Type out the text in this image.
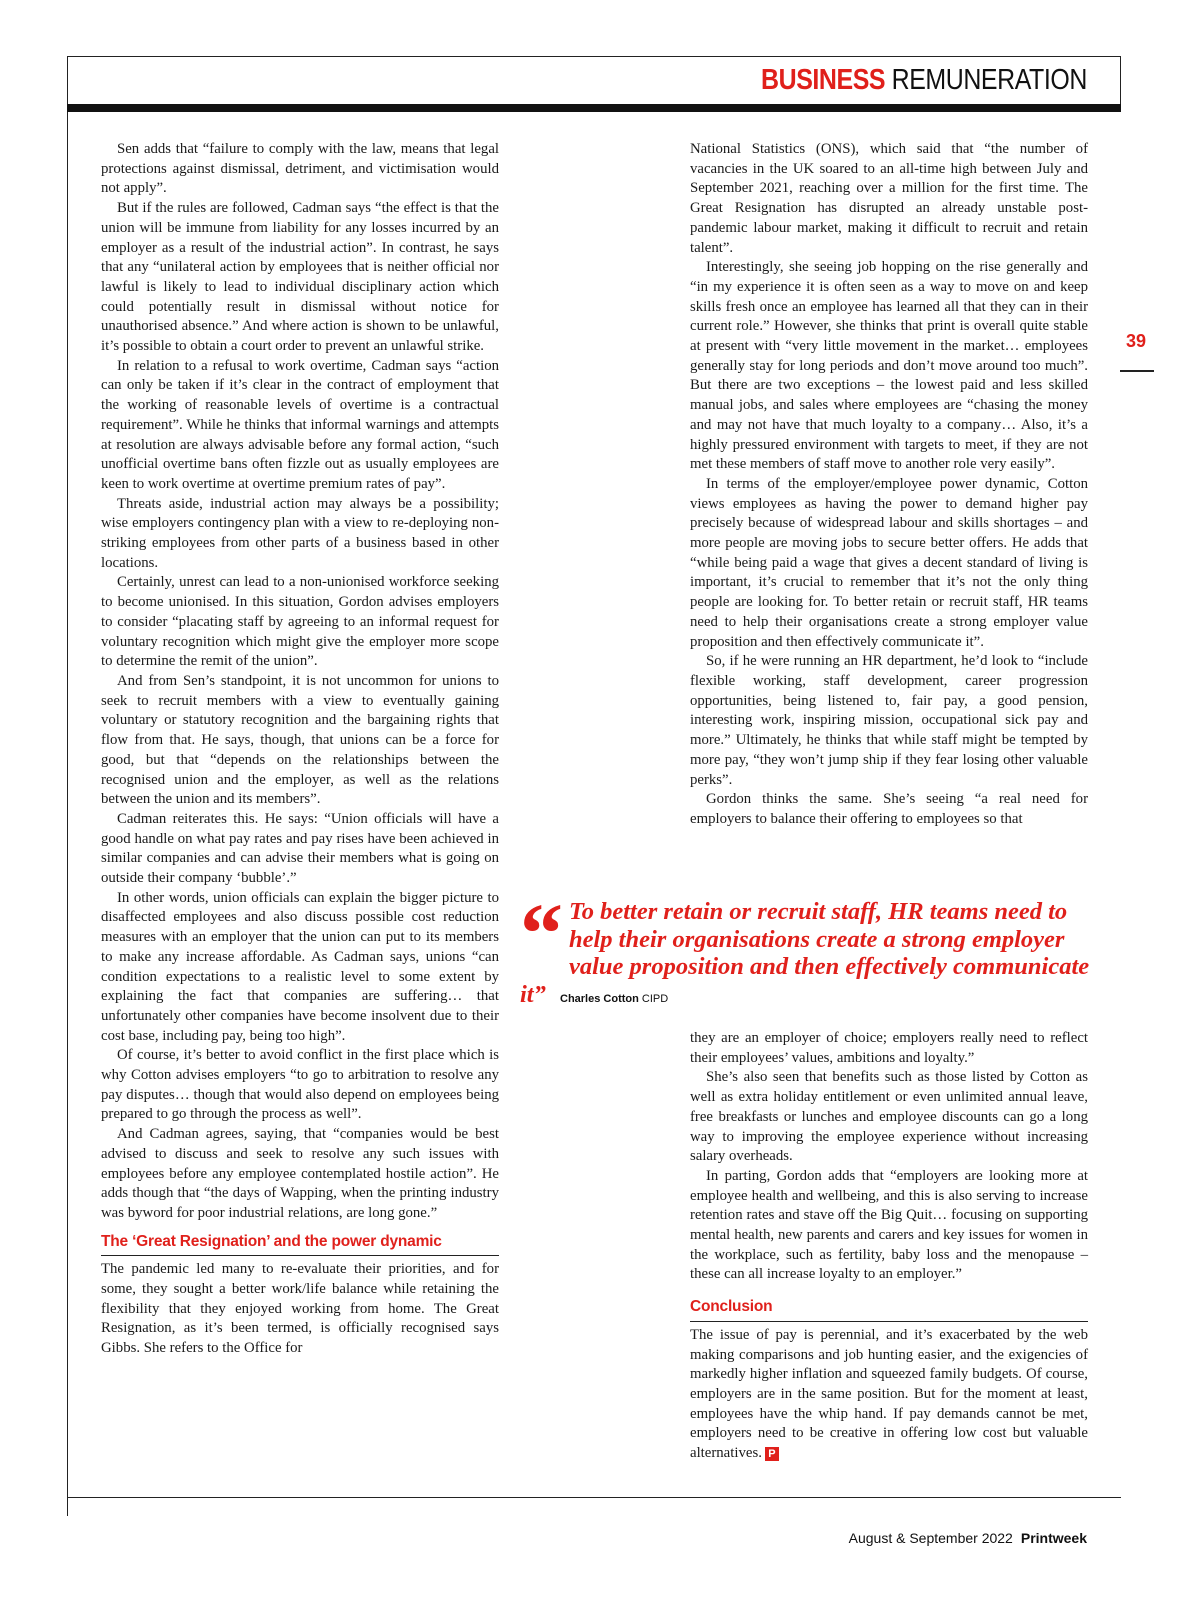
BUSINESS REMUNERATION
39

Sen adds that “failure to comply with the law, means that legal protections against dismissal, detriment, and victimisation would not apply”.

But if the rules are followed, Cadman says “the effect is that the union will be immune from liability for any losses incurred by an employer as a result of the industrial action”. In contrast, he says that any “unilateral action by employees that is neither official nor lawful is likely to lead to individual disciplinary action which could potentially result in dismissal without notice for unauthorised absence.” And where action is shown to be unlawful, it’s possible to obtain a court order to prevent an unlawful strike.

In relation to a refusal to work overtime, Cadman says “action can only be taken if it’s clear in the contract of employment that the working of reasonable levels of overtime is a contractual requirement”. While he thinks that informal warnings and attempts at resolution are always advisable before any formal action, “such unofficial overtime bans often fizzle out as usually employees are keen to work overtime at overtime premium rates of pay”.

Threats aside, industrial action may always be a possibility; wise employers contingency plan with a view to re-deploying non-striking employees from other parts of a business based in other locations.

Certainly, unrest can lead to a non-unionised workforce seeking to become unionised. In this situation, Gordon advises employers to consider “placating staff by agreeing to an informal request for voluntary recognition which might give the employer more scope to determine the remit of the union”.

And from Sen’s standpoint, it is not uncommon for unions to seek to recruit members with a view to eventually gaining voluntary or statutory recognition and the bargaining rights that flow from that. He says, though, that unions can be a force for good, but that “depends on the relationships between the recognised union and the employer, as well as the relations between the union and its members”.

Cadman reiterates this. He says: “Union officials will have a good handle on what pay rates and pay rises have been achieved in similar companies and can advise their members what is going on outside their company ‘bubble’.”

In other words, union officials can explain the bigger picture to disaffected employees and also discuss possible cost reduction measures with an employer that the union can put to its members to make any increase affordable. As Cadman says, unions “can condition expectations to a realistic level to some extent by explaining the fact that companies are suffering… that unfortunately other companies have become insolvent due to their cost base, including pay, being too high”.

Of course, it’s better to avoid conflict in the first place which is why Cotton advises employers “to go to arbitration to resolve any pay disputes… though that would also depend on employees being prepared to go through the process as well”.

And Cadman agrees, saying, that “companies would be best advised to discuss and seek to resolve any such issues with employees before any employee contemplated hostile action”. He adds though that “the days of Wapping, when the printing industry was byword for poor industrial relations, are long gone.”

The ‘Great Resignation’ and the power dynamic

The pandemic led many to re-evaluate their priorities, and for some, they sought a better work/life balance while retaining the flexibility that they enjoyed working from home. The Great Resignation, as it’s been termed, is officially recognised says Gibbs. She refers to the Office for

National Statistics (ONS), which said that “the number of vacancies in the UK soared to an all-time high between July and September 2021, reaching over a million for the first time. The Great Resignation has disrupted an already unstable post-pandemic labour market, making it difficult to recruit and retain talent”.

Interestingly, she seeing job hopping on the rise generally and “in my experience it is often seen as a way to move on and keep skills fresh once an employee has learned all that they can in their current role.” However, she thinks that print is overall quite stable at present with “very little movement in the market… employees generally stay for long periods and don’t move around too much”. But there are two exceptions – the lowest paid and less skilled manual jobs, and sales where employees are “chasing the money and may not have that much loyalty to a company… Also, it’s a highly pressured environment with targets to meet, if they are not met these members of staff move to another role very easily”.

In terms of the employer/employee power dynamic, Cotton views employees as having the power to demand higher pay precisely because of widespread labour and skills shortages – and more people are moving jobs to secure better offers. He adds that “while being paid a wage that gives a decent standard of living is important, it’s crucial to remember that it’s not the only thing people are looking for. To better retain or recruit staff, HR teams need to help their organisations create a strong employer value proposition and then effectively communicate it”.

So, if he were running an HR department, he’d look to “include flexible working, staff development, career progression opportunities, being listened to, fair pay, a good pension, interesting work, inspiring mission, occupational sick pay and more.” Ultimately, he thinks that while staff might be tempted by more pay, “they won’t jump ship if they fear losing other valuable perks”.

Gordon thinks the same. She’s seeing “a real need for employers to balance their offering to employees so that

“ To better retain or recruit staff, HR teams need to help their organisations create a strong employer value proposition and then effectively communicate it” Charles Cotton CIPD

they are an employer of choice; employers really need to reflect their employees’ values, ambitions and loyalty.”

She’s also seen that benefits such as those listed by Cotton as well as extra holiday entitlement or even unlimited annual leave, free breakfasts or lunches and employee discounts can go a long way to improving the employee experience without increasing salary overheads.

In parting, Gordon adds that “employers are looking more at employee health and wellbeing, and this is also serving to increase retention rates and stave off the Big Quit… focusing on supporting mental health, new parents and carers and key issues for women in the workplace, such as fertility, baby loss and the menopause – these can all increase loyalty to an employer.”

Conclusion

The issue of pay is perennial, and it’s exacerbated by the web making comparisons and job hunting easier, and the exigencies of markedly higher inflation and squeezed family budgets. Of course, employers are in the same position. But for the moment at least, employees have the whip hand. If pay demands cannot be met, employers need to be creative in offering low cost but valuable alternatives. P

August & September 2022 Printweek
